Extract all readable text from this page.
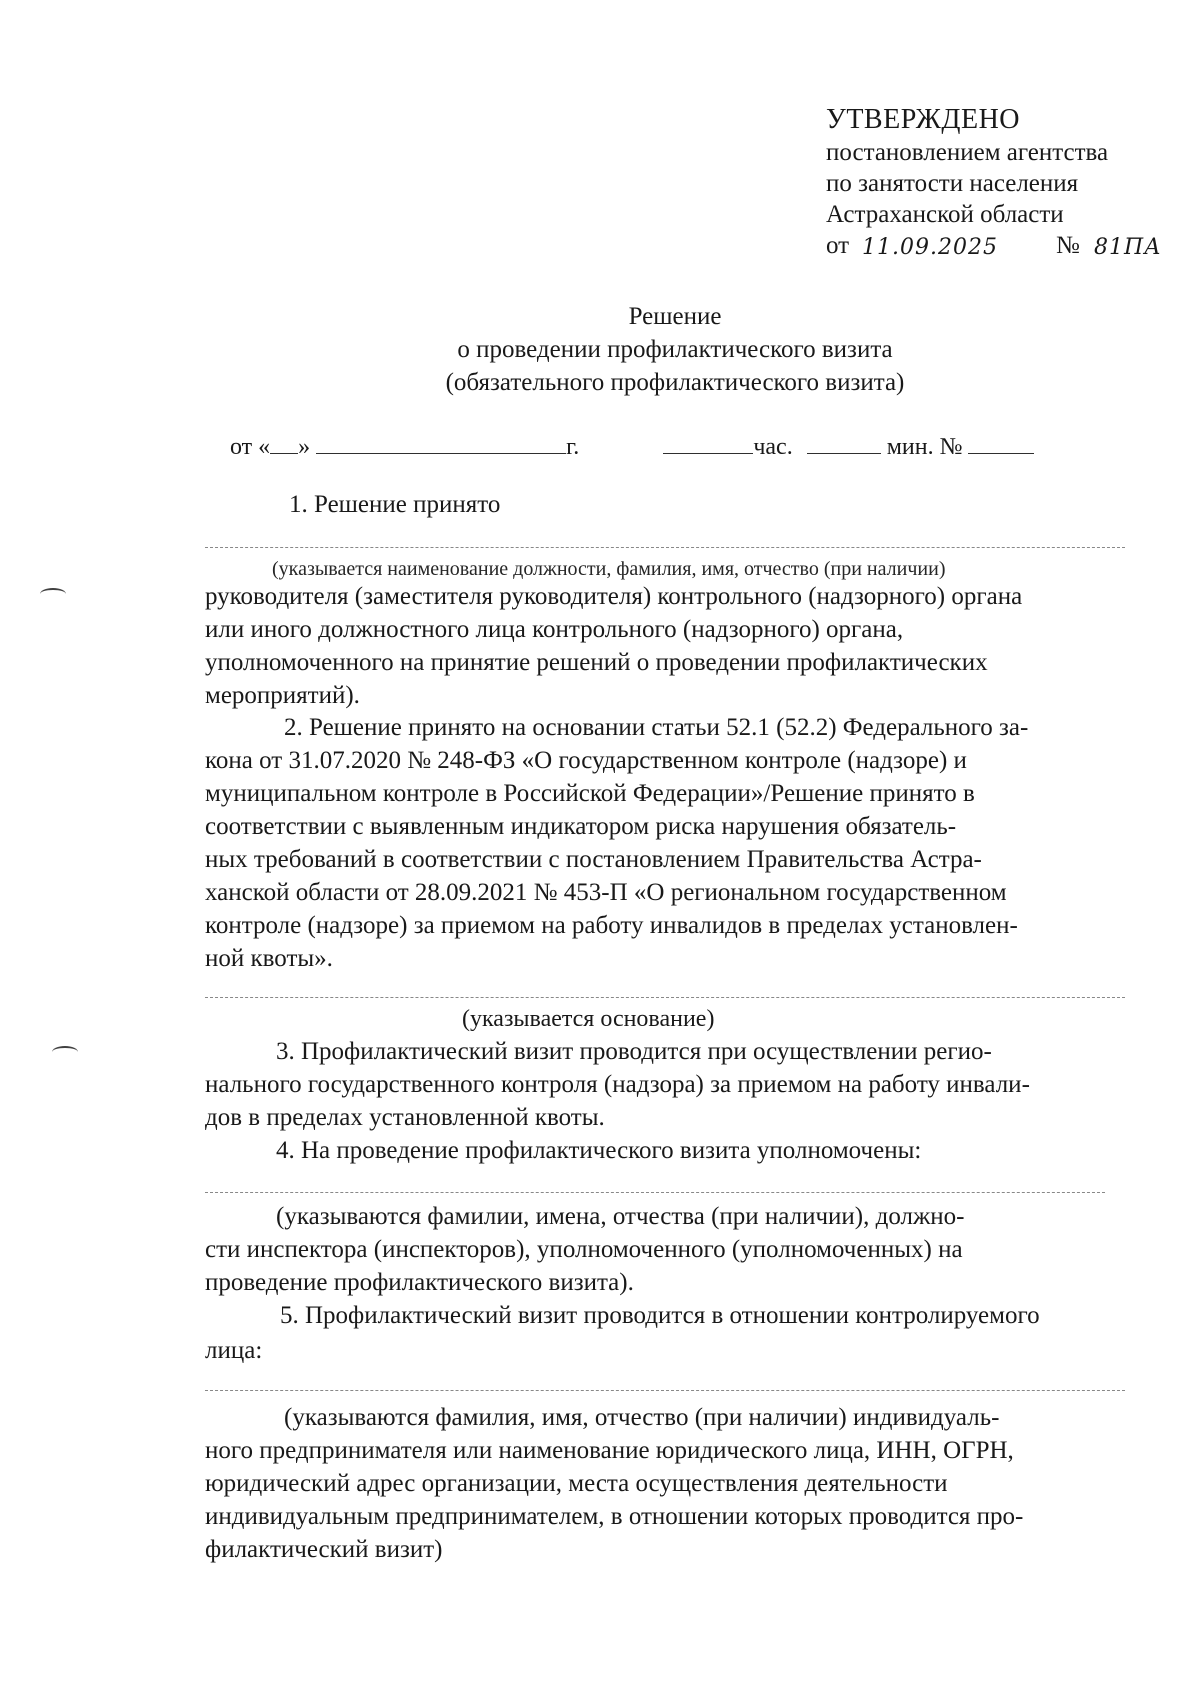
УТВЕРЖДЕНО
постановлением агентства
по занятости населения
Астраханской области
от 11.09.2025	№ 81ПА
Решение
о проведении профилактического визита
(обязательного профилактического визита)
от « »	г.	час.	мин. №
1. Решение принято
(указывается наименование должности, фамилия, имя, отчество (при наличии)
руководителя (заместителя руководителя) контрольного (надзорного) органа
или иного должностного лица контрольного (надзорного) органа,
уполномоченного на принятие решений о проведении профилактических
мероприятий).
2. Решение принято на основании статьи 52.1 (52.2) Федерального за-
кона от 31.07.2020 № 248-ФЗ «О государственном контроле (надзоре) и
муниципальном контроле в Российской Федерации»/Решение принято в
соответствии с выявленным индикатором риска нарушения обязатель-
ных требований в соответствии с постановлением Правительства Астра-
ханской области от 28.09.2021 № 453-П «О региональном государственном
контроле (надзоре) за приемом на работу инвалидов в пределах установлен-
ной квоты».
(указывается основание)
3. Профилактический визит проводится при осуществлении регио-
нального государственного контроля (надзора) за приемом на работу инвали-
дов в пределах установленной квоты.
4. На проведение профилактического визита уполномочены:
(указываются фамилии, имена, отчества (при наличии), должно-
сти инспектора (инспекторов), уполномоченного (уполномоченных) на
проведение профилактического визита).
5. Профилактический визит проводится в отношении контролируемого
лица:
(указываются фамилия, имя, отчество (при наличии) индивидуаль-
ного предпринимателя или наименование юридического лица, ИНН, ОГРН,
юридический адрес организации, места осуществления деятельности
индивидуальным предпринимателем, в отношении которых проводится про-
филактический визит)
